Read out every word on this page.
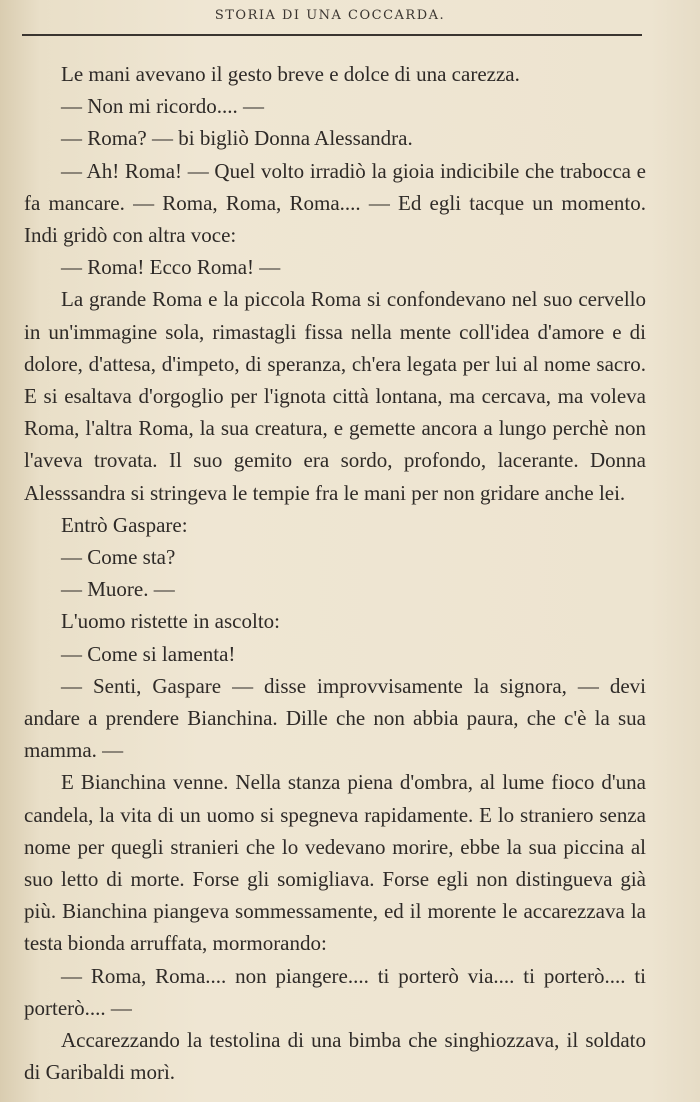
STORIA DI UNA COCCARDA.

Le mani avevano il gesto breve e dolce di una carezza.

— Non mi ricordo.... —

— Roma? — bi bigliò Donna Alessandra.

— Ah! Roma! — Quel volto irradiò la gioia indicibile che trabocca e fa mancare. — Roma, Roma, Roma.... — Ed egli tacque un momento. Indi gridò con altra voce:

— Roma! Ecco Roma! —

La grande Roma e la piccola Roma si confondevano nel suo cervello in un'immagine sola, rimastagli fissa nella mente coll'idea d'amore e di dolore, d'attesa, d'impeto, di speranza, ch'era legata per lui al nome sacro. E si esaltava d'orgoglio per l'ignota città lontana, ma cercava, ma voleva Roma, l'altra Roma, la sua creatura, e gemette ancora a lungo perchè non l'aveva trovata. Il suo gemito era sordo, profondo, lacerante. Donna Alesssandra si stringeva le tempie fra le mani per non gridare anche lei.

Entrò Gaspare:

— Come sta?

— Muore. —

L'uomo ristette in ascolto:

— Come si lamenta!

— Senti, Gaspare — disse improvvisamente la signora, — devi andare a prendere Bianchina. Dille che non abbia paura, che c'è la sua mamma. —

E Bianchina venne. Nella stanza piena d'ombra, al lume fioco d'una candela, la vita di un uomo si spegneva rapidamente. E lo straniero senza nome per quegli stranieri che lo vedevano morire, ebbe la sua piccina al suo letto di morte. Forse gli somigliava. Forse egli non distingueva già più. Bianchina piangeva sommessamente, ed il morente le accarezzava la testa bionda arruffata, mormorando:

— Roma, Roma.... non piangere.... ti porterò via.... ti porterò.... ti porterò.... —

Accarezzando la testolina di una bimba che singhiozzava, il soldato di Garibaldi morì.
